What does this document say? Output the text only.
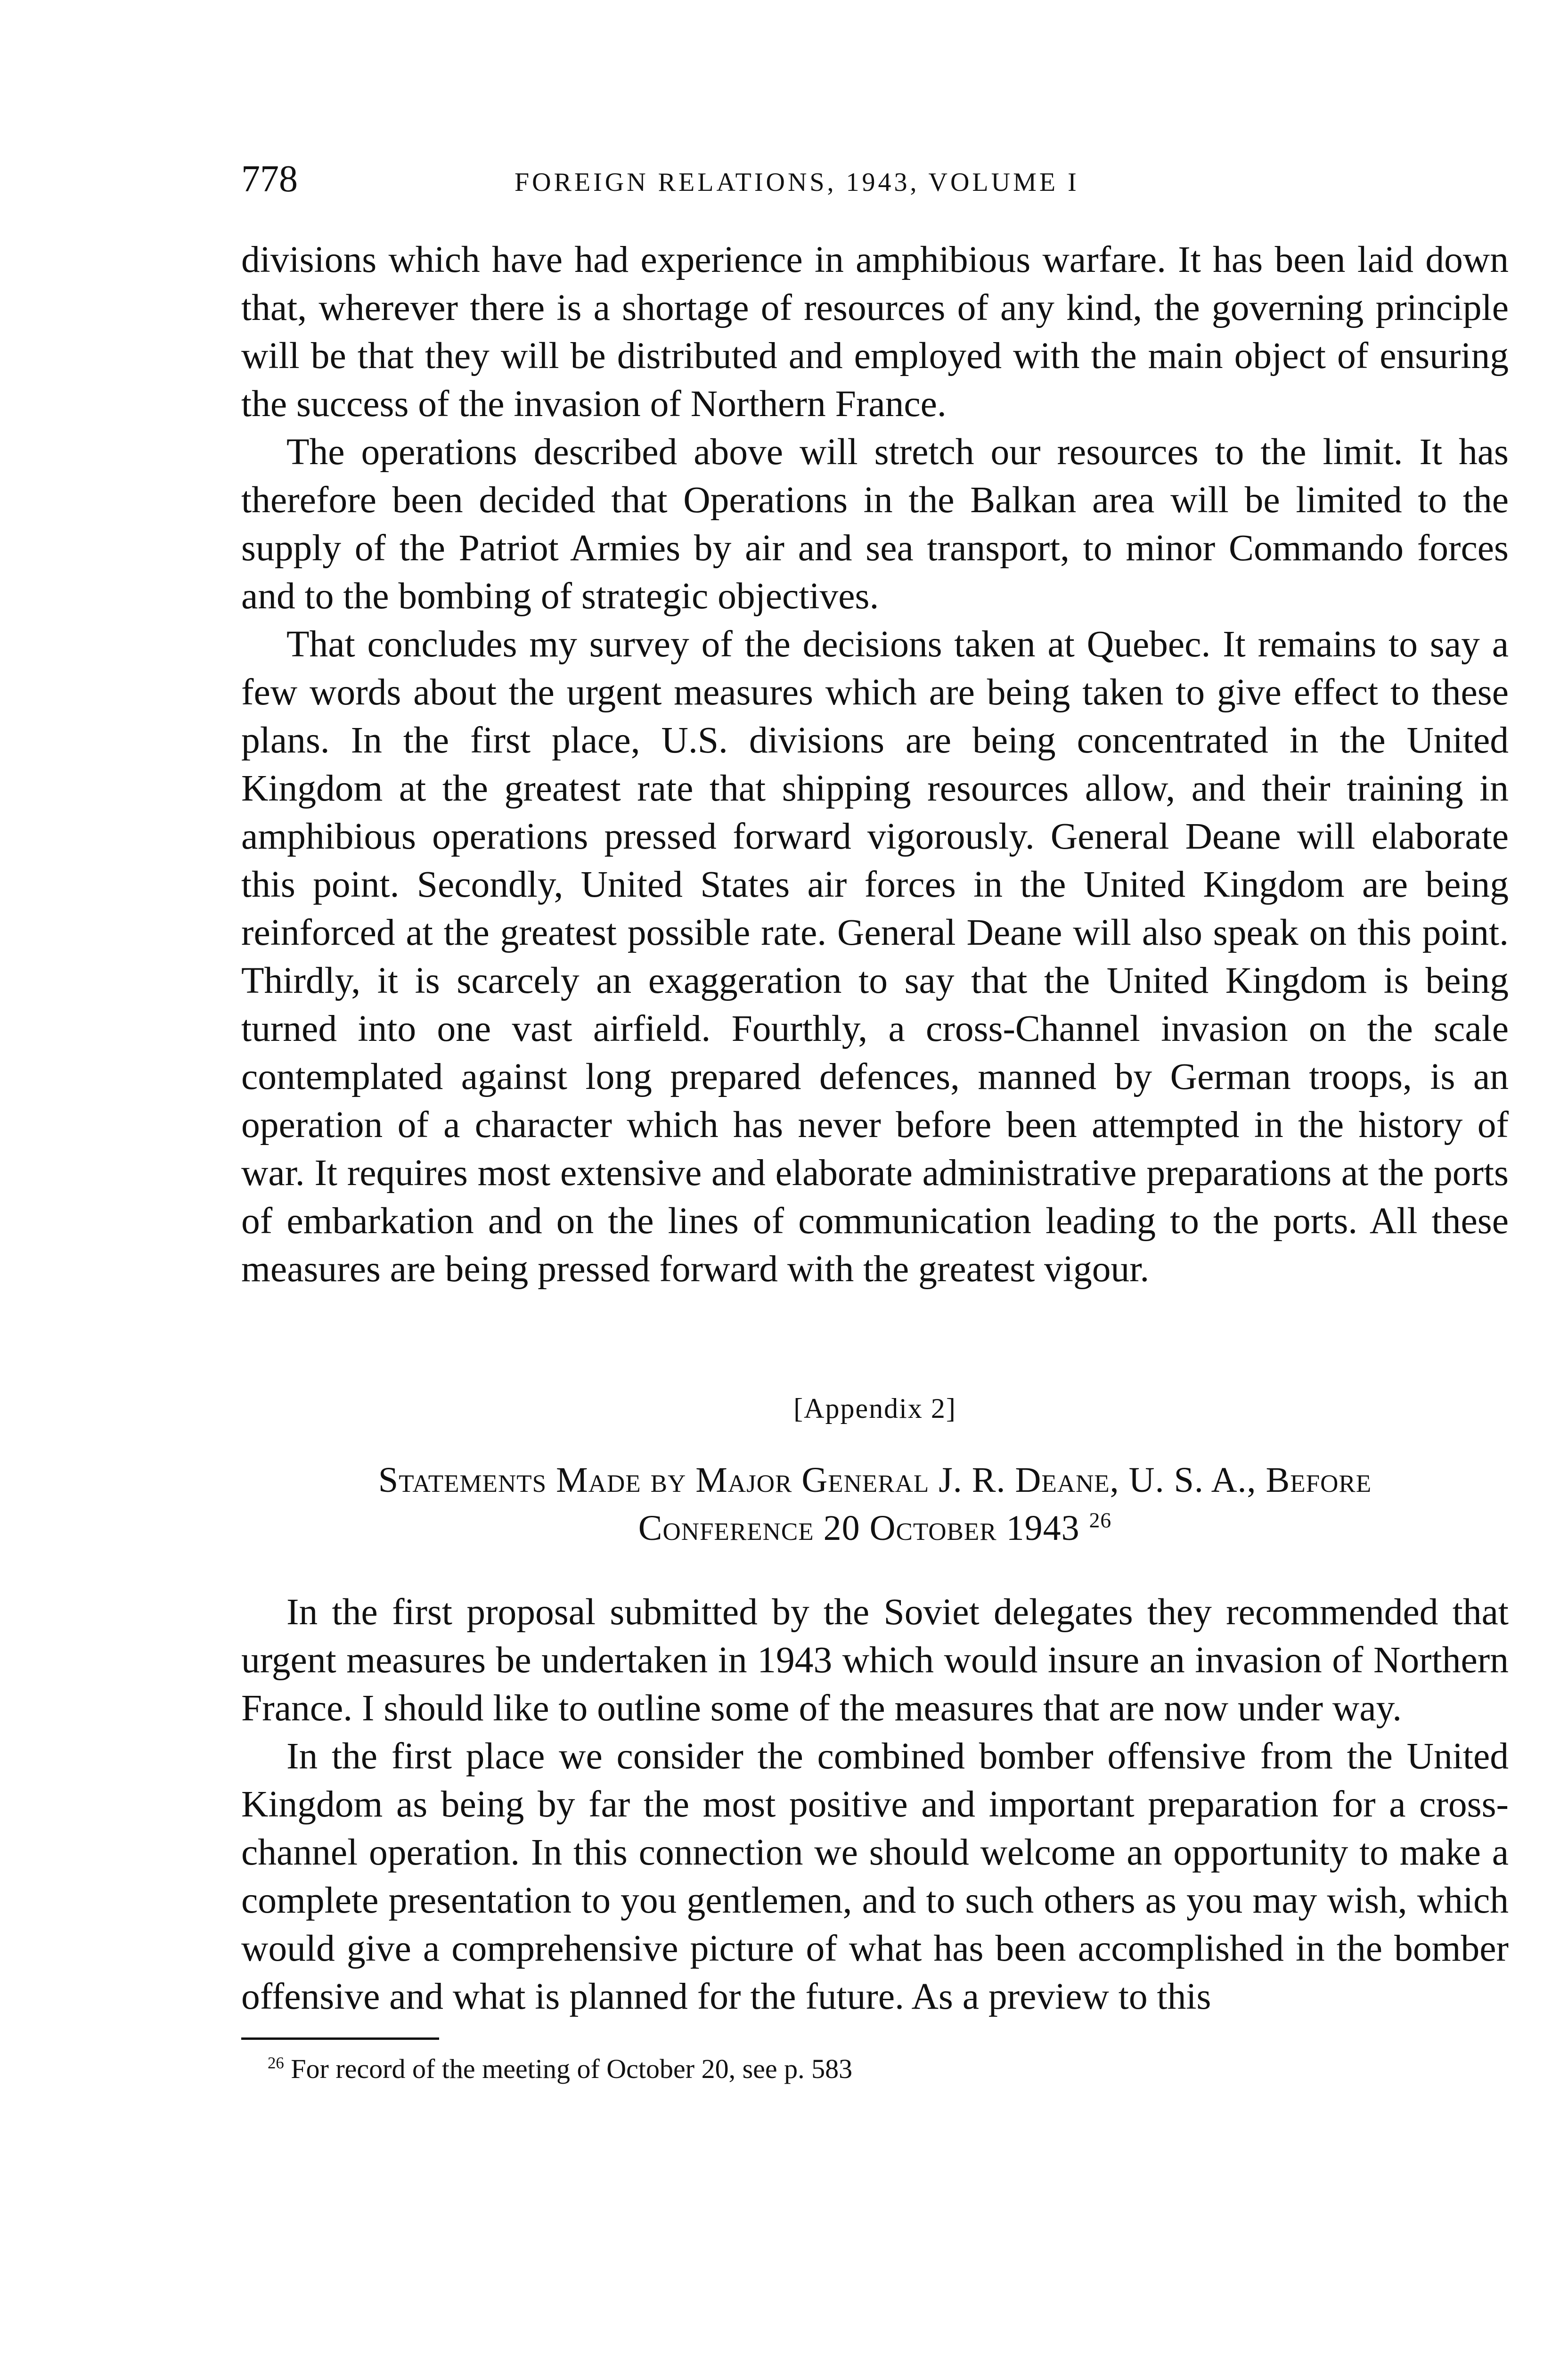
778	FOREIGN RELATIONS, 1943, VOLUME I

divisions which have had experience in amphibious warfare. It has been laid down that, wherever there is a shortage of resources of any kind, the governing principle will be that they will be distributed and employed with the main object of ensuring the success of the invasion of Northern France.

The operations described above will stretch our resources to the limit. It has therefore been decided that Operations in the Balkan area will be limited to the supply of the Patriot Armies by air and sea transport, to minor Commando forces and to the bombing of strategic objectives.

That concludes my survey of the decisions taken at Quebec. It remains to say a few words about the urgent measures which are being taken to give effect to these plans. In the first place, U.S. divisions are being concentrated in the United Kingdom at the greatest rate that shipping resources allow, and their training in amphibious operations pressed forward vigorously. General Deane will elaborate this point. Secondly, United States air forces in the United Kingdom are being reinforced at the greatest possible rate. General Deane will also speak on this point. Thirdly, it is scarcely an exaggeration to say that the United Kingdom is being turned into one vast airfield. Fourthly, a cross-Channel invasion on the scale contemplated against long prepared defences, manned by German troops, is an operation of a character which has never before been attempted in the history of war. It requires most extensive and elaborate administrative preparations at the ports of embarkation and on the lines of communication leading to the ports. All these measures are being pressed forward with the greatest vigour.

[Appendix 2]

Statements Made by Major General J. R. Deane, U. S. A., Before
Conference 20 October 1943 $^{26}$

In the first proposal submitted by the Soviet delegates they recommended that urgent measures be undertaken in 1943 which would insure an invasion of Northern France. I should like to outline some of the measures that are now under way.

In the first place we consider the combined bomber offensive from the United Kingdom as being by far the most positive and important preparation for a cross-channel operation. In this connection we should welcome an opportunity to make a complete presentation to you gentlemen, and to such others as you may wish, which would give a comprehensive picture of what has been accomplished in the bomber offensive and what is planned for the future. As a preview to this

$^{26}$ For record of the meeting of October 20, see p. 583
